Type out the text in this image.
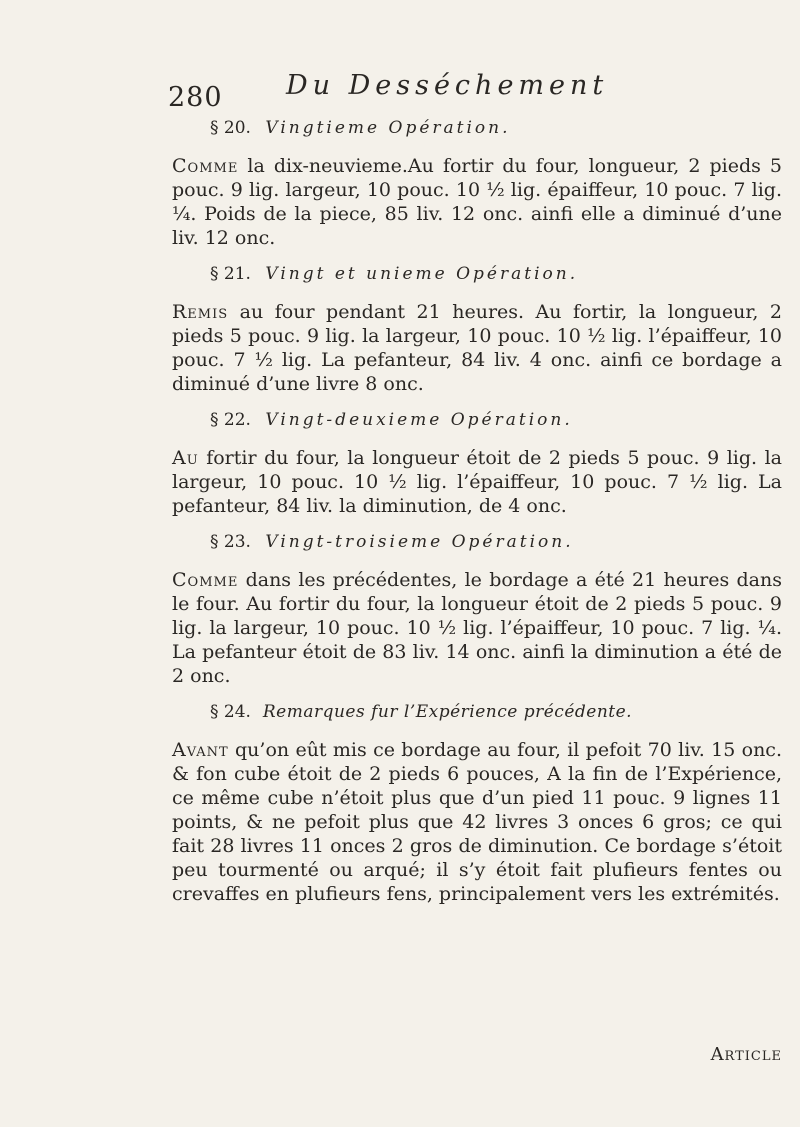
280 Du Desséchement
§ 20. Vingtieme Opération.

Comme la dix-neuvieme.Au fortir du four, longueur, 2 pieds 5 pouc. 9 lig. largeur, 10 pouc. 10 ½ lig. épaiffeur, 10 pouc. 7 lig. ¼. Poids de la piece, 85 liv. 12 onc. ainfi elle a diminué d’une liv. 12 onc.

§ 21. Vingt et unieme Opération.

Remis au four pendant 21 heures. Au fortir, la longueur, 2 pieds 5 pouc. 9 lig. la largeur, 10 pouc. 10 ½ lig. l’épaiffeur, 10 pouc. 7 ½ lig. La pefanteur, 84 liv. 4 onc. ainfi ce bordage a diminué d’une livre 8 onc.

§ 22. Vingt-deuxieme Opération.

Au fortir du four, la longueur étoit de 2 pieds 5 pouc. 9 lig. la largeur, 10 pouc. 10 ½ lig. l’épaiffeur, 10 pouc. 7 ½ lig. La pefanteur, 84 liv. la diminution, de 4 onc.

§ 23. Vingt-troisieme Opération.

Comme dans les précédentes, le bordage a été 21 heures dans le four. Au fortir du four, la longueur étoit de 2 pieds 5 pouc. 9 lig. la largeur, 10 pouc. 10 ½ lig. l’épaiffeur, 10 pouc. 7 lig. ¼. La pefanteur étoit de 83 liv. 14 onc. ainfi la diminution a été de 2 onc.

§ 24. Remarques fur l’Expérience précédente.

Avant qu’on eût mis ce bordage au four, il pefoit 70 liv. 15 onc. & fon cube étoit de 2 pieds 6 pouces, A la fin de l’Expérience, ce même cube n’étoit plus que d’un pied 11 pouc. 9 lignes 11 points, & ne pefoit plus que 42 livres 3 onces 6 gros; ce qui fait 28 livres 11 onces 2 gros de diminution. Ce bordage s’étoit peu tourmenté ou arqué; il s’y étoit fait plufieurs fentes ou crevaffes en plufieurs fens, principalement vers les extrémités.

Article
